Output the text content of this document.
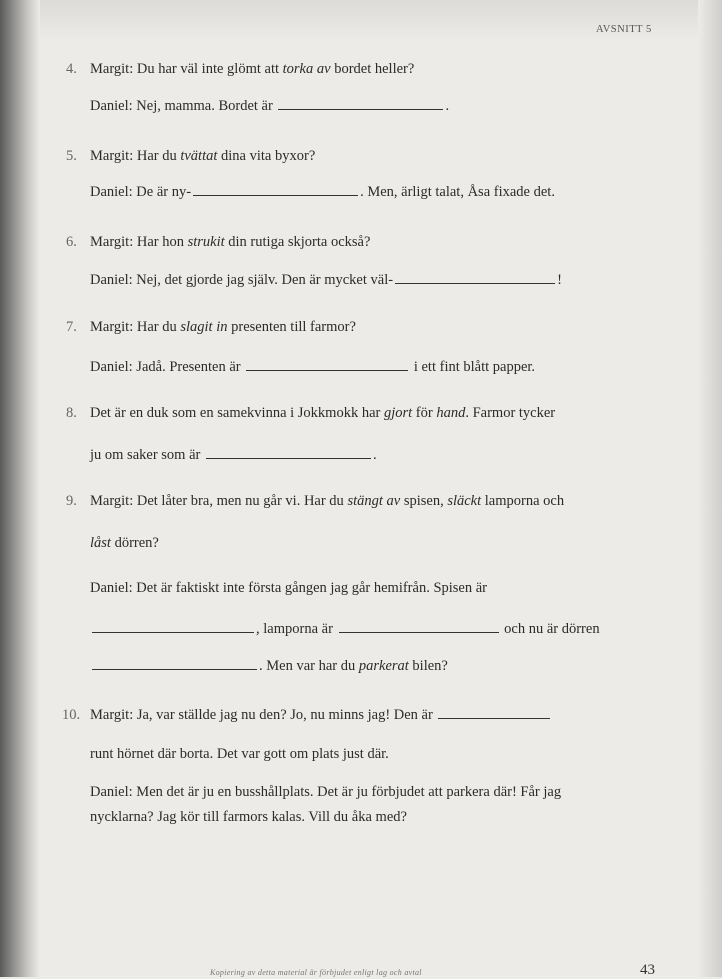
AVSNITT 5
4. Margit: Du har väl inte glömt att torka av bordet heller?
Daniel: Nej, mamma. Bordet är	.
5. Margit: Har du tvättat dina vita byxor?
Daniel: De är ny-	. Men, ärligt talat, Åsa fixade det.
6. Margit: Har hon strukit din rutiga skjorta också?
Daniel: Nej, det gjorde jag själv. Den är mycket väl-	!
7. Margit: Har du slagit in presenten till farmor?
Daniel: Jadå. Presenten är	i ett fint blått papper.
8. Det är en duk som en samekvinna i Jokkmokk har gjort för hand. Farmor tycker
ju om saker som är	.
9. Margit: Det låter bra, men nu går vi. Har du stängt av spisen, släckt lamporna och
låst dörren?
Daniel: Det är faktiskt inte första gången jag går hemifrån. Spisen är
, lamporna är	och nu är dörren
. Men var har du parkerat bilen?
10. Margit: Ja, var ställde jag nu den? Jo, nu minns jag! Den är
runt hörnet där borta. Det var gott om plats just där.
Daniel: Men det är ju en busshållplats. Det är ju förbjudet att parkera där! Får jag
nycklarna? Jag kör till farmors kalas. Vill du åka med?
Kopiering av detta material är förbjudet enligt lag och avtal	43
